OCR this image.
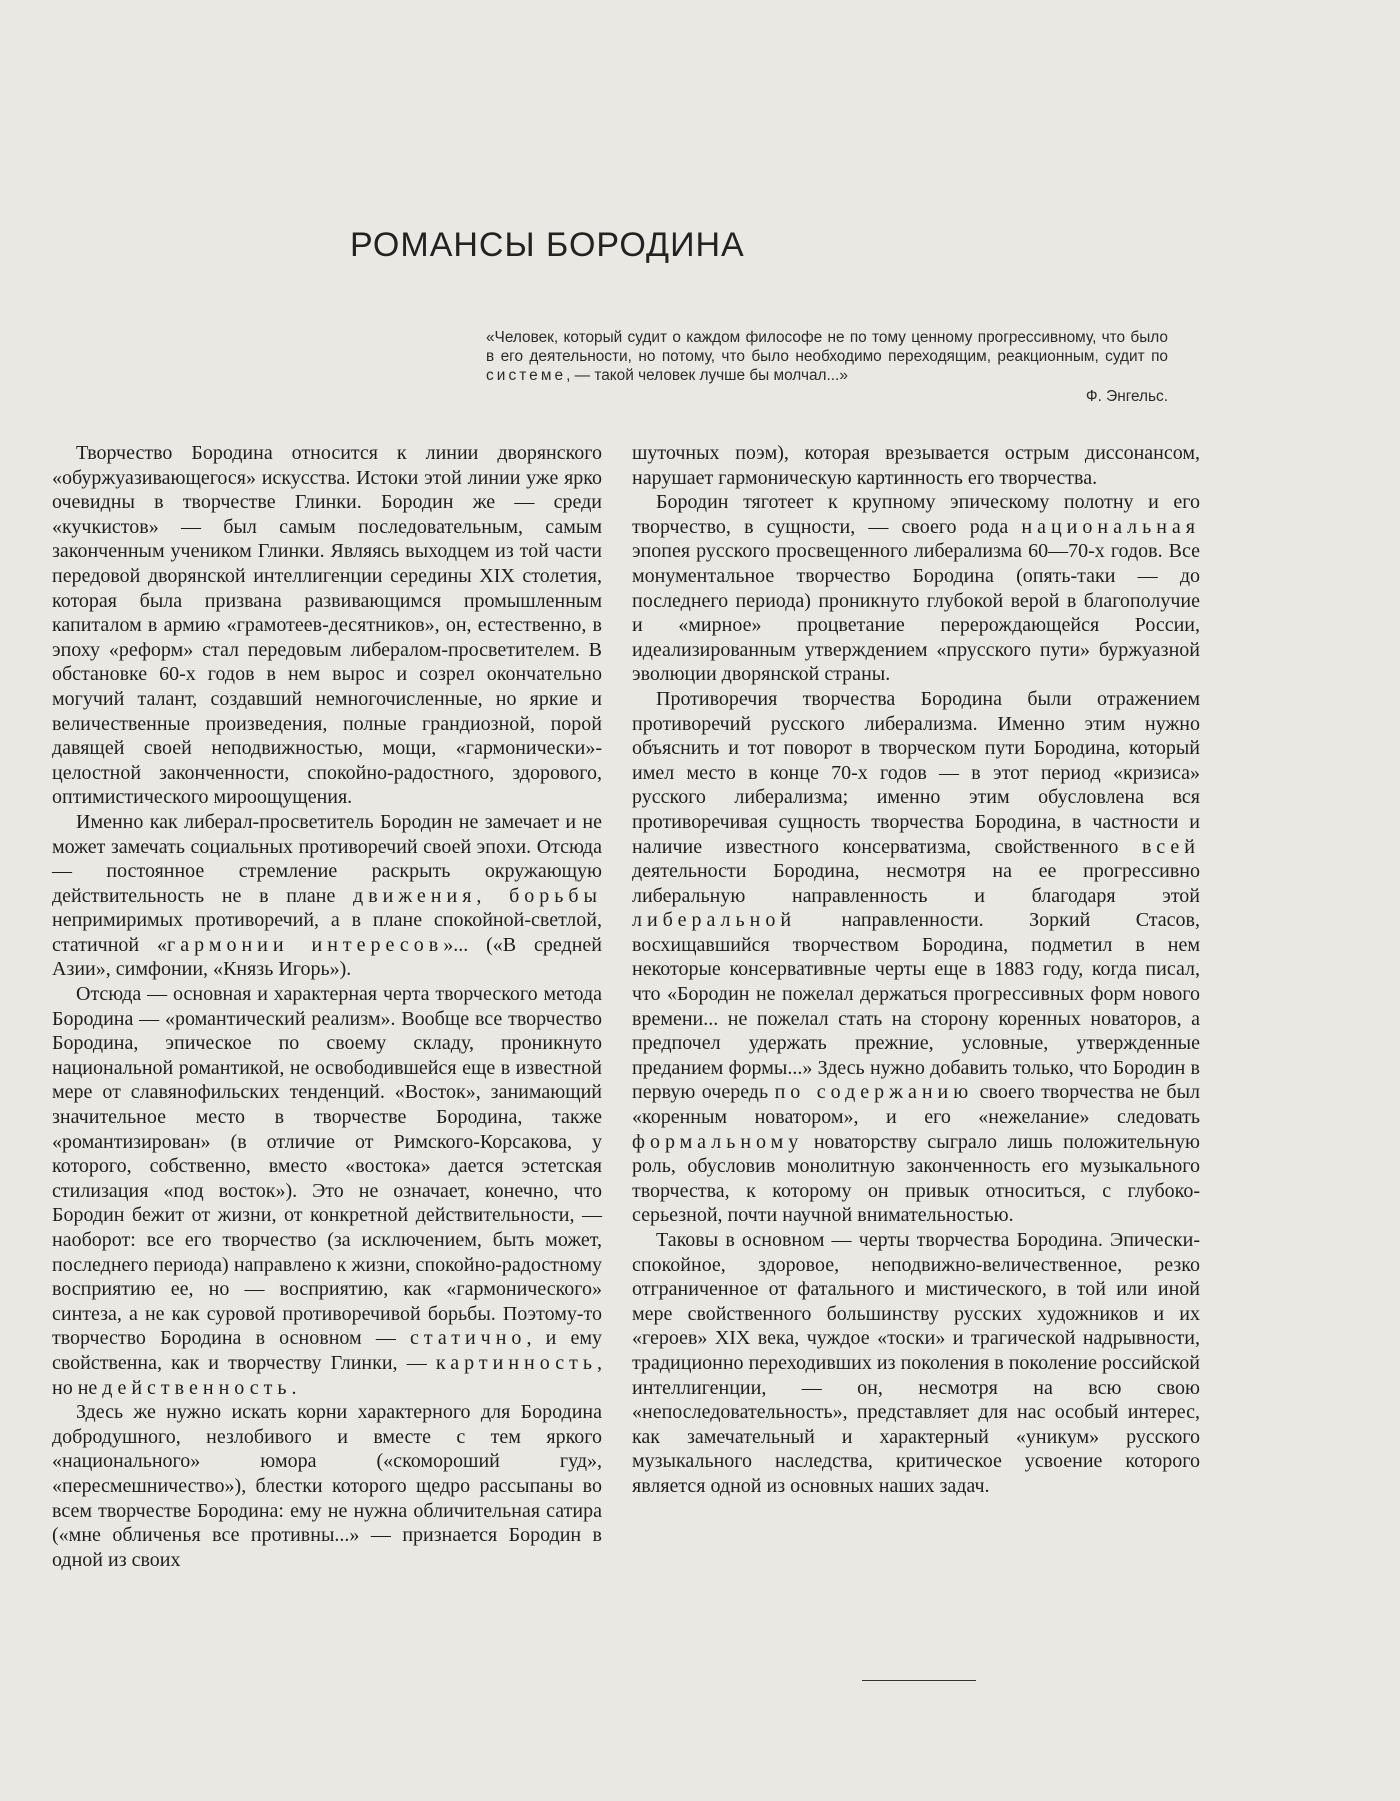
РОМАНСЫ БОРОДИНА

«Человек, который судит о каждом философе не по тому ценному прогрессивному, что было в его деятельности, но потому, что было необходимо переходящим, реакционным, судит по системе, — такой человек лучше бы молчал...»

Ф. Энгельс.

Творчество Бородина относится к линии дворянского «обуржуазивающегося» искусства. Истоки этой линии уже ярко очевидны в творчестве Глинки. Бородин же — среди «кучкистов» — был самым последовательным, самым законченным учеником Глинки. Являясь выходцем из той части передовой дворянской интеллигенции середины XIX столетия, которая была призвана развивающимся промышленным капиталом в армию «грамотеев-десятников», он, естественно, в эпоху «реформ» стал передовым либералом-просветителем. В обстановке 60-х годов в нем вырос и созрел окончательно могучий талант, создавший немногочисленные, но яркие и величественные произведения, полные грандиозной, порой давящей своей неподвижностью, мощи, «гармонически»-целостной законченности, спокойно-радостного, здорового, оптимистического мироощущения.

Именно как либерал-просветитель Бородин не замечает и не может замечать социальных противоречий своей эпохи. Отсюда — постоянное стремление раскрыть окружающую действительность не в плане движения, борьбы непримиримых противоречий, а в плане спокойной-светлой, статичной «гармонии интересов»... («В средней Азии», симфонии, «Князь Игорь»).

Отсюда — основная и характерная черта творческого метода Бородина — «романтический реализм». Вообще все творчество Бородина, эпическое по своему складу, проникнуто национальной романтикой, не освободившейся еще в известной мере от славянофильских тенденций. «Восток», занимающий значительное место в творчестве Бородина, также «романтизирован» (в отличие от Римского-Корсакова, у которого, собственно, вместо «востока» дается эстетская стилизация «под восток»). Это не означает, конечно, что Бородин бежит от жизни, от конкретной действительности, — наоборот: все его творчество (за исключением, быть может, последнего периода) направлено к жизни, спокойно-радостному восприятию ее, но — восприятию, как «гармонического» синтеза, а не как суровой противоречивой борьбы. Поэтому-то творчество Бородина в основном — статично, и ему свойственна, как и творчеству Глинки, — картинность, но не действенность.

Здесь же нужно искать корни характерного для Бородина добродушного, незлобивого и вместе с тем яркого «национального» юмора («скоморoший гуд», «пересмешничество»), блестки которого щедро рассыпаны во всем творчестве Бородина: ему не нужна обличительная сатира («мне обличенья все противны...» — признается Бородин в одной из своих

шуточных поэм), которая врезывается острым диссонансом, нарушает гармоническую картинность его творчества.

Бородин тяготеет к крупному эпическому полотну и его творчество, в сущности, — своего рода национальная эпопея русского просвещенного либерализма 60—70-х годов. Все монументальное творчество Бородина (опять-таки — до последнего периода) проникнуто глубокой верой в благополучие и «мирное» процветание перерождающейся России, идеализированным утверждением «прусского пути» буржуазной эволюции дворянской страны.

Противоречия творчества Бородина были отражением противоречий русского либерализма. Именно этим нужно объяснить и тот поворот в творческом пути Бородина, который имел место в конце 70-х годов — в этот период «кризиса» русского либерализма; именно этим обусловлена вся противоречивая сущность творчества Бородина, в частности и наличие известного консерватизма, свойственного всей деятельности Бородина, несмотря на ее прогрессивно либеральную направленность и благодаря этой либеральной направленности. Зоркий Стасов, восхищавшийся творчеством Бородина, подметил в нем некоторые консервативные черты еще в 1883 году, когда писал, что «Бородин не пожелал держаться прогрессивных форм нового времени... не пожелал стать на сторону коренных новаторов, а предпочел удержать прежние, условные, утвержденные преданием формы...» Здесь нужно добавить только, что Бородин в первую очередь по содержанию своего творчества не был «коренным новатором», и его «нежелание» следовать формальному новаторству сыграло лишь положительную роль, обусловив монолитную законченность его музыкального творчества, к которому он привык относиться, с глубоко-серьезной, почти научной внимательностью.

Таковы в основном — черты творчества Бородина. Эпически-спокойное, здоровое, неподвижно-величественное, резко отграниченное от фатального и мистического, в той или иной мере свойственного большинству русских художников и их «героев» XIX века, чуждое «тоски» и трагической надрывности, традиционно переходивших из поколения в поколение российской интеллигенции, — он, несмотря на всю свою «непоследовательность», представляет для нас особый интерес, как замечательный и характерный «уникум» русского музыкального наследства, критическое усвоение которого является одной из основных наших задач.
